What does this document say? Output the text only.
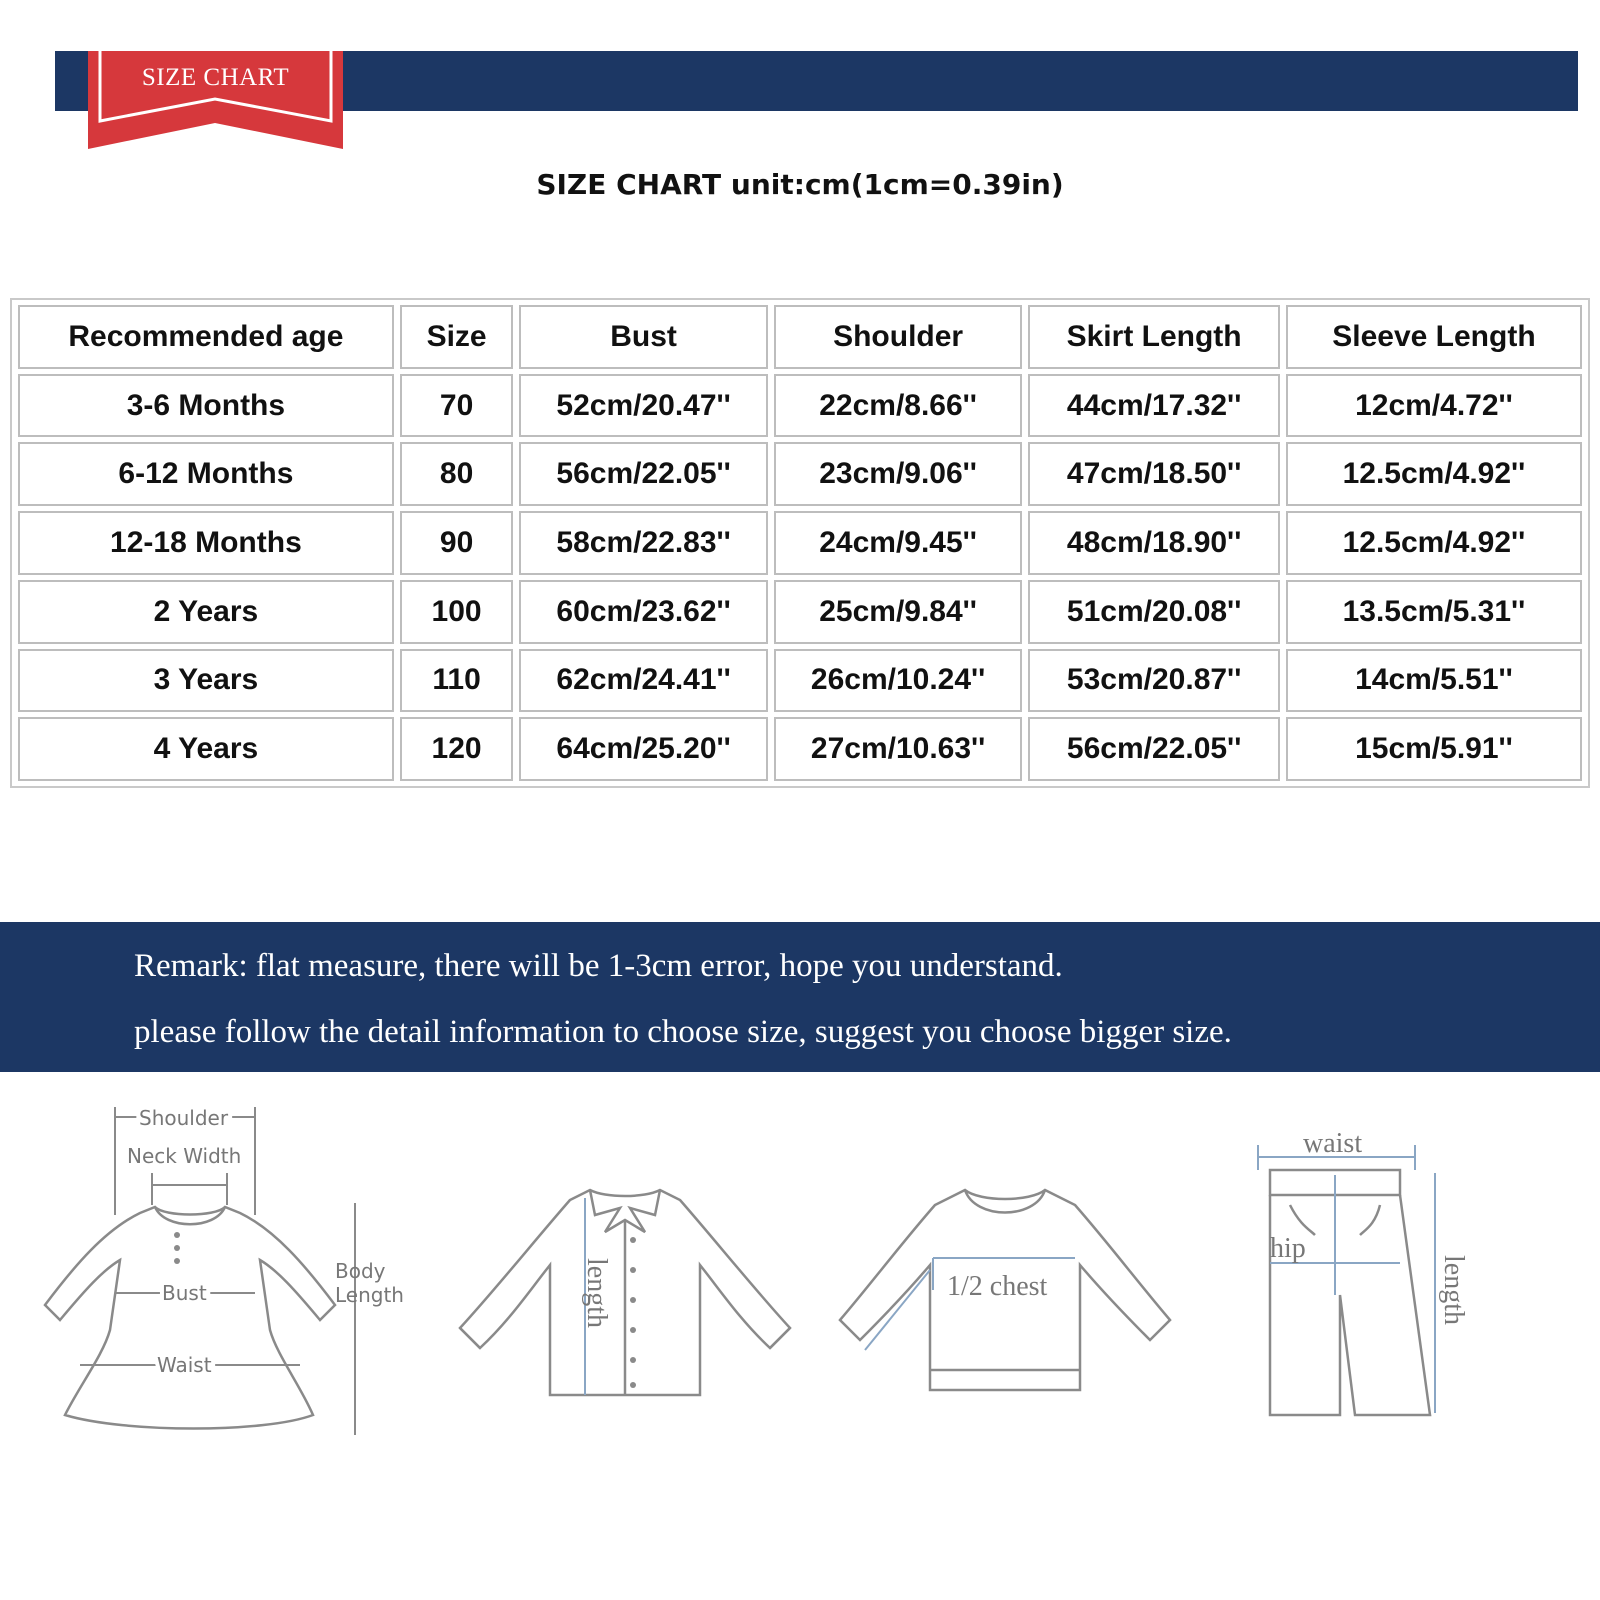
SIZE CHART
SIZE CHART unit:cm(1cm=0.39in)
Recommended age	Size	Bust	Shoulder	Skirt Length	Sleeve Length
3-6 Months	70	52cm/20.47''	22cm/8.66''	44cm/17.32''	12cm/4.72''
6-12 Months	80	56cm/22.05''	23cm/9.06''	47cm/18.50''	12.5cm/4.92''
12-18 Months	90	58cm/22.83''	24cm/9.45''	48cm/18.90''	12.5cm/4.92''
2 Years	100	60cm/23.62''	25cm/9.84''	51cm/20.08''	13.5cm/5.31''
3 Years	110	62cm/24.41''	26cm/10.24''	53cm/20.87''	14cm/5.51''
4 Years	120	64cm/25.20''	27cm/10.63''	56cm/22.05''	15cm/5.91''
Remark: flat measure, there will be 1-3cm error, hope you understand.
please follow the detail information to choose size, suggest you choose bigger size.
Shoulder
Neck Width
Bust
Waist
Body
Length	length	1/2 chest
waist
hip
length
